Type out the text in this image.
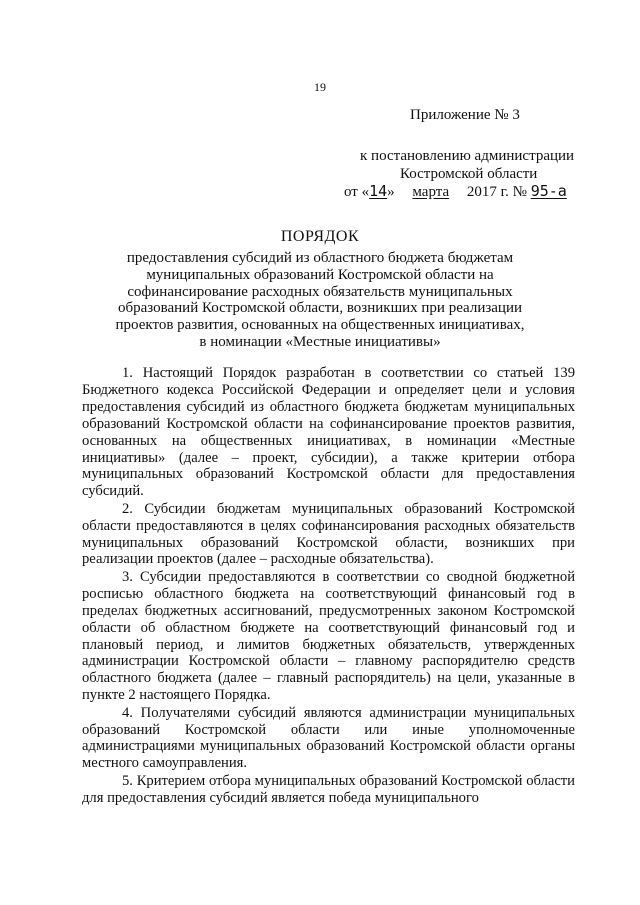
19
Приложение № 3
к постановлению администрации
Костромской области
от «14» марта 2017 г. № 95-а
ПОРЯДОК
предоставления субсидий из областного бюджета бюджетам
муниципальных образований Костромской области на
софинансирование расходных обязательств муниципальных
образований Костромской области, возникших при реализации
проектов развития, основанных на общественных инициативах,
в номинации «Местные инициативы»

1. Настоящий Порядок разработан в соответствии со статьей 139 Бюджетного кодекса Российской Федерации и определяет цели и условия предоставления субсидий из областного бюджета бюджетам муниципальных образований Костромской области на софинансирование проектов развития, основанных на общественных инициативах, в номинации «Местные инициативы» (далее – проект, субсидии), а также критерии отбора муниципальных образований Костромской области для предоставления субсидий.

2. Субсидии бюджетам муниципальных образований Костромской области предоставляются в целях софинансирования расходных обязательств муниципальных образований Костромской области, возникших при реализации проектов (далее – расходные обязательства).

3. Субсидии предоставляются в соответствии со сводной бюджетной росписью областного бюджета на соответствующий финансовый год в пределах бюджетных ассигнований, предусмотренных законом Костромской области об областном бюджете на соответствующий финансовый год и плановый период, и лимитов бюджетных обязательств, утвержденных администрации Костромской области – главному распорядителю средств областного бюджета (далее – главный распорядитель) на цели, указанные в пункте 2 настоящего Порядка.

4. Получателями субсидий являются администрации муниципальных образований Костромской области или иные уполномоченные администрациями муниципальных образований Костромской области органы местного самоуправления.

5. Критерием отбора муниципальных образований Костромской области для предоставления субсидий является победа муниципального
